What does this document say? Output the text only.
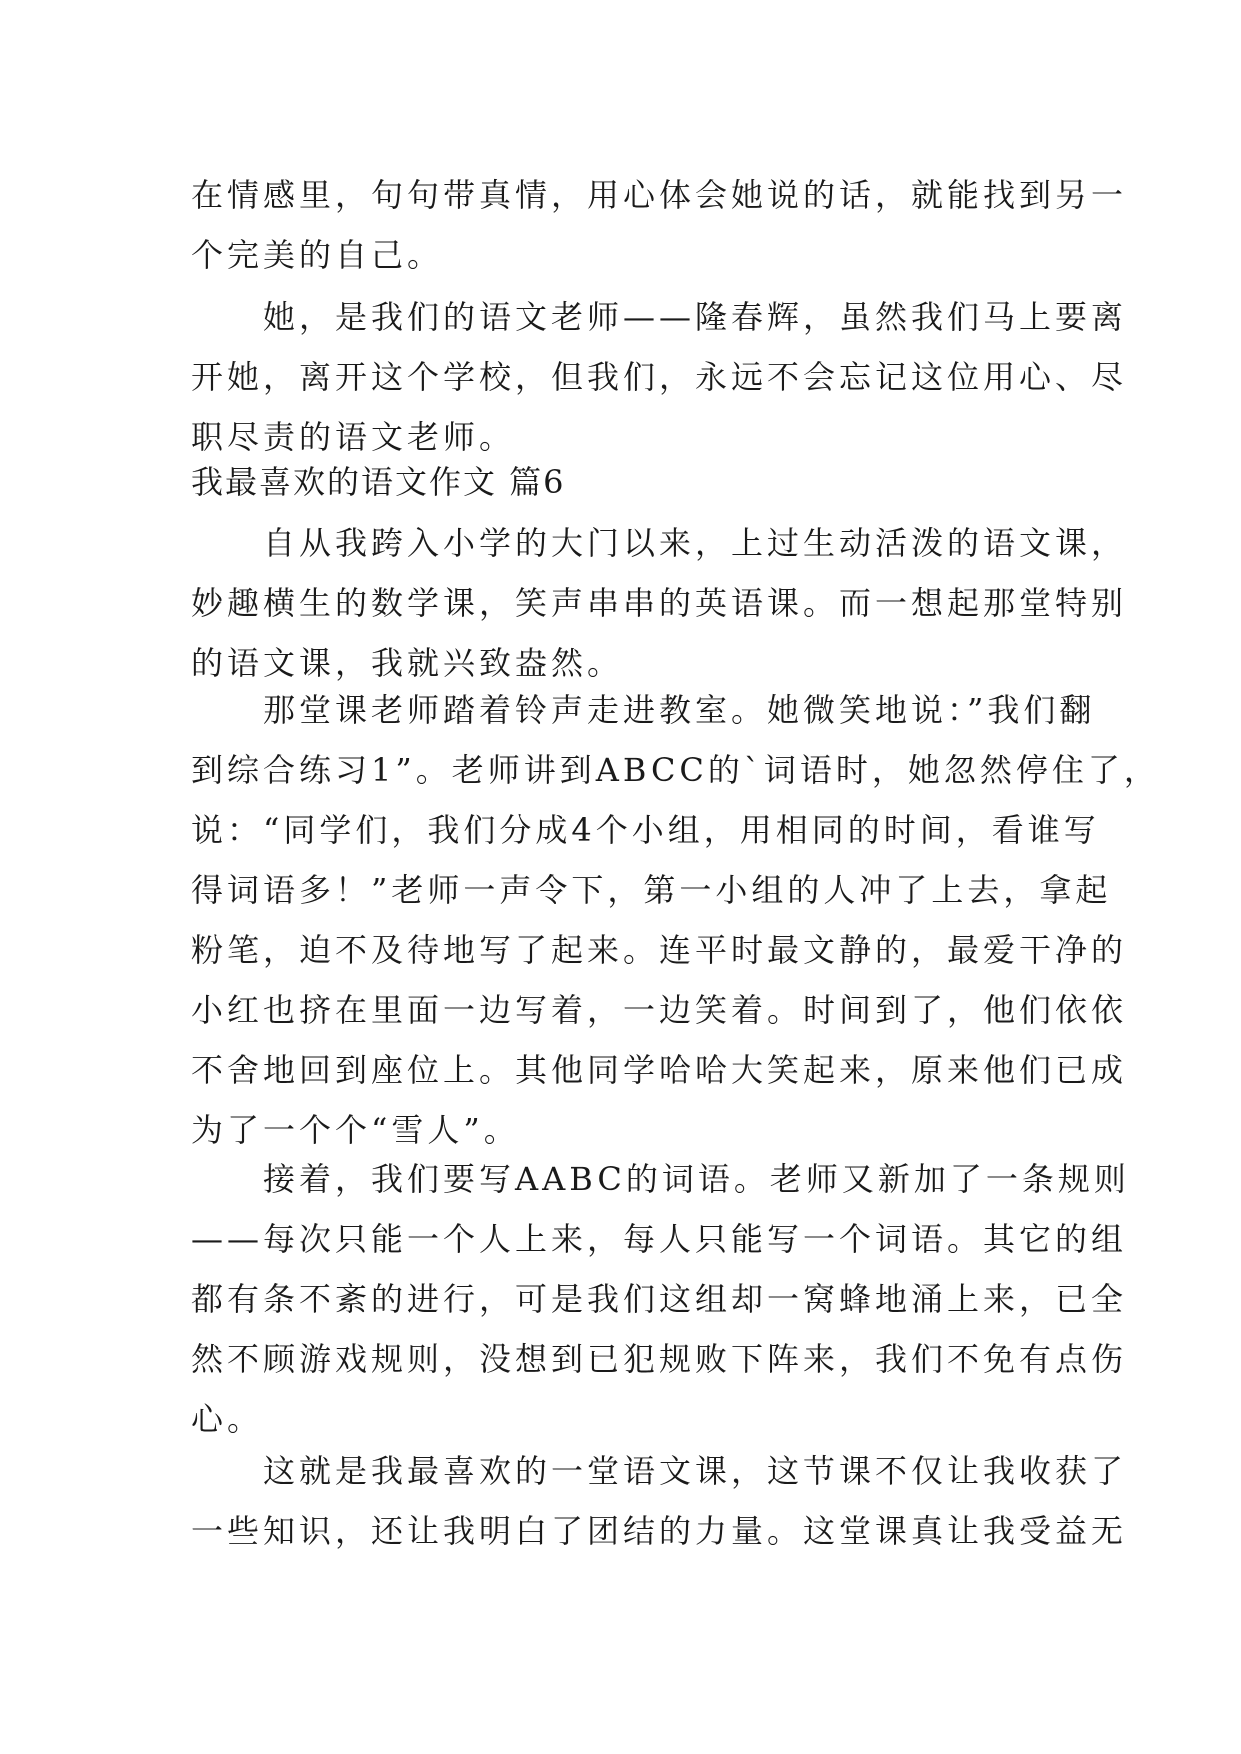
在情感里，句句带真情，用心体会她说的话，就能找到另一
个完美的自己。
　　她，是我们的语文老师——隆春辉，虽然我们马上要离
开她，离开这个学校，但我们，永远不会忘记这位用心、尽
职尽责的语文老师。
我最喜欢的语文作文 篇6
　　自从我跨入小学的大门以来，上过生动活泼的语文课，
妙趣横生的数学课，笑声串串的英语课。而一想起那堂特别
的语文课，我就兴致盎然。
　　那堂课老师踏着铃声走进教室。她微笑地说：”我们翻
到综合练习1”。老师讲到ABCC的`词语时，她忽然停住了，
说：“同学们，我们分成4个小组，用相同的时间，看谁写
得词语多！”老师一声令下，第一小组的人冲了上去，拿起
粉笔，迫不及待地写了起来。连平时最文静的，最爱干净的
小红也挤在里面一边写着，一边笑着。时间到了，他们依依
不舍地回到座位上。其他同学哈哈大笑起来，原来他们已成
为了一个个“雪人”。
　　接着，我们要写AABC的词语。老师又新加了一条规则
——每次只能一个人上来，每人只能写一个词语。其它的组
都有条不紊的进行，可是我们这组却一窝蜂地涌上来，已全
然不顾游戏规则，没想到已犯规败下阵来，我们不免有点伤
心。
　　这就是我最喜欢的一堂语文课，这节课不仅让我收获了
一些知识，还让我明白了团结的力量。这堂课真让我受益无
